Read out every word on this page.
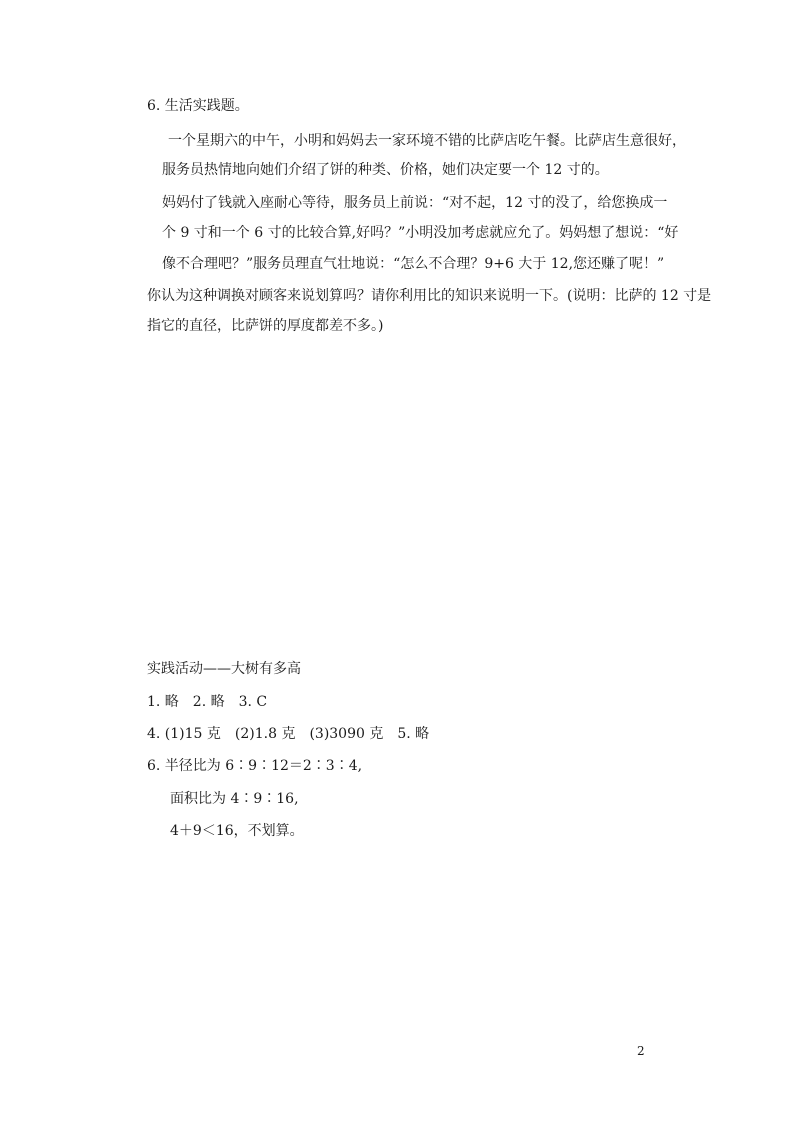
6. 生活实践题。
一个星期六的中午，小明和妈妈去一家环境不错的比萨店吃午餐。比萨店生意很好，
服务员热情地向她们介绍了饼的种类、价格，她们决定要一个 12 寸的。
妈妈付了钱就入座耐心等待，服务员上前说：“对不起，12 寸的没了，给您换成一
个 9 寸和一个 6 寸的比较合算,好吗？”小明没加考虑就应允了。妈妈想了想说：“好
像不合理吧？”服务员理直气壮地说：“怎么不合理？9+6 大于 12,您还赚了呢！”
你认为这种调换对顾客来说划算吗？请你利用比的知识来说明一下。(说明：比萨的 12 寸是
指它的直径，比萨饼的厚度都差不多。)
实践活动——大树有多高
1. 略　2. 略　3. C
4. (1)15 克　(2)1.8 克　(3)3090 克　5. 略
6. 半径比为 6∶9∶12＝2∶3∶4,
面积比为 4∶9∶16,
4＋9＜16，不划算。
2
